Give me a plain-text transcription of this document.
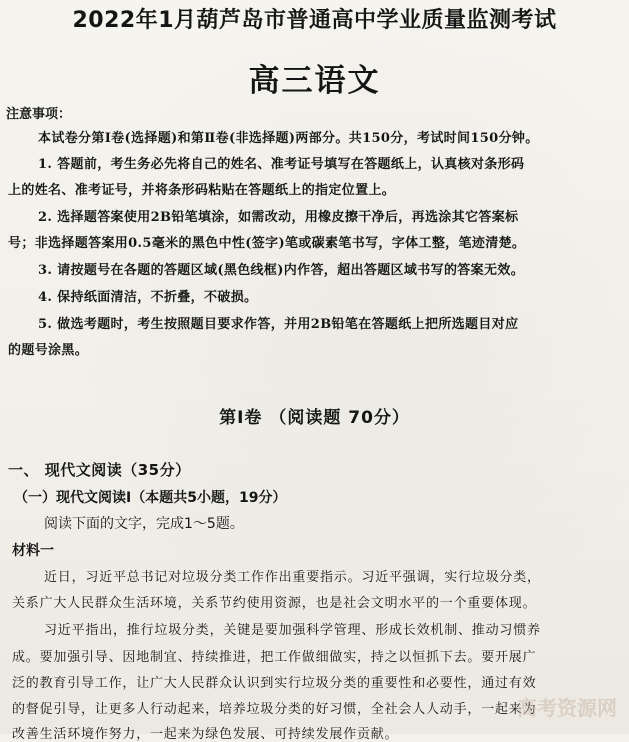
2022年1月葫芦岛市普通高中学业质量监测考试
高三语文
注意事项：
本试卷分第Ⅰ卷(选择题)和第Ⅱ卷(非选择题)两部分。共150分，考试时间150分钟。
1. 答题前，考生务必先将自己的姓名、准考证号填写在答题纸上，认真核对条形码
上的姓名、准考证号，并将条形码粘贴在答题纸上的指定位置上。
2. 选择题答案使用2B铅笔填涂，如需改动，用橡皮擦干净后，再选涂其它答案标
号；非选择题答案用0.5毫米的黑色中性(签字)笔或碳素笔书写，字体工整，笔迹清楚。
3. 请按题号在各题的答题区域(黑色线框)内作答，超出答题区域书写的答案无效。
4. 保持纸面清洁，不折叠，不破损。
5. 做选考题时，考生按照题目要求作答，并用2B铅笔在答题纸上把所选题目对应
的题号涂黑。
第Ⅰ卷 （阅读题 70分）
一、 现代文阅读（35分）
（一）现代文阅读Ⅰ（本题共5小题，19分）
阅读下面的文字，完成1～5题。
材料一
近日，习近平总书记对垃圾分类工作作出重要指示。习近平强调，实行垃圾分类，
关系广大人民群众生活环境，关系节约使用资源，也是社会文明水平的一个重要体现。
习近平指出，推行垃圾分类，关键是要加强科学管理、形成长效机制、推动习惯养
成。要加强引导、因地制宜、持续推进，把工作做细做实，持之以恒抓下去。要开展广
泛的教育引导工作，让广大人民群众认识到实行垃圾分类的重要性和必要性，通过有效
的督促引导，让更多人行动起来，培养垃圾分类的好习惯，全社会人人动手，一起来为
改善生活环境作努力，一起来为绿色发展、可持续发展作贡献。
高考资源网
